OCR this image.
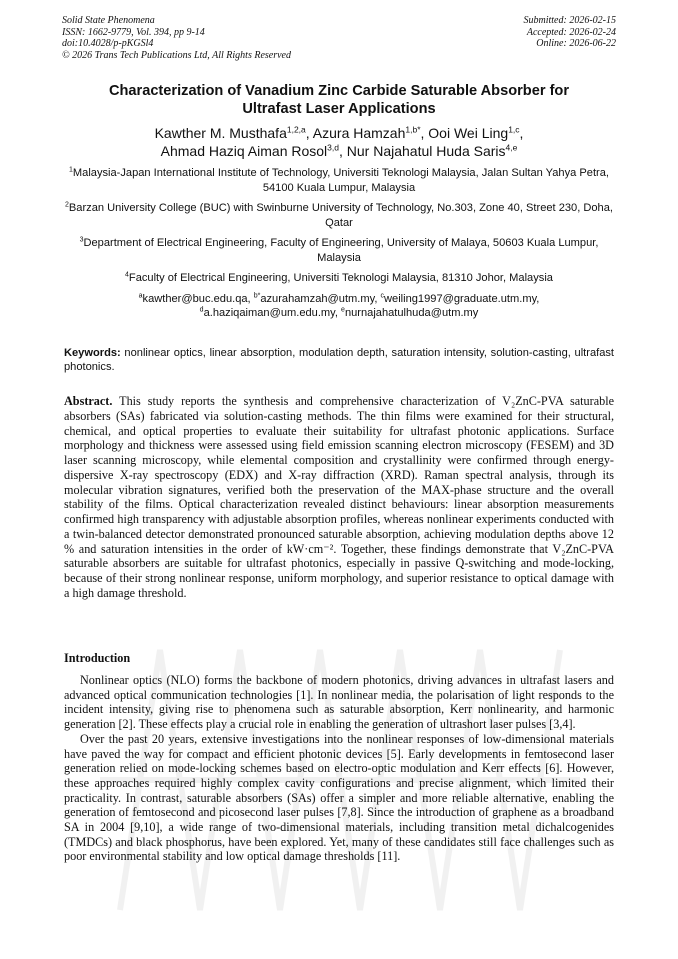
Solid State Phenomena
ISSN: 1662-9779, Vol. 394, pp 9-14
doi:10.4028/p-pKGSl4
© 2026 Trans Tech Publications Ltd, All Rights Reserved
Submitted: 2026-02-15
Accepted: 2026-02-24
Online: 2026-06-22
Characterization of Vanadium Zinc Carbide Saturable Absorber for
Ultrafast Laser Applications
Kawther M. Musthafa$^{1,2,a}$, Azura Hamzah$^{1,b*}$, Ooi Wei Ling$^{1,c}$,
Ahmad Haziq Aiman Rosol$^{3,d}$, Nur Najahatul Huda Saris$^{4,e}$
$^1$Malaysia-Japan International Institute of Technology, Universiti Teknologi Malaysia, Jalan Sultan Yahya Petra, 54100 Kuala Lumpur, Malaysia
$^2$Barzan University College (BUC) with Swinburne University of Technology, No.303, Zone 40, Street 230, Doha, Qatar
$^3$Department of Electrical Engineering, Faculty of Engineering, University of Malaya, 50603 Kuala Lumpur, Malaysia
$^4$Faculty of Electrical Engineering, Universiti Teknologi Malaysia, 81310 Johor, Malaysia
$^a$kawther@buc.edu.qa, $^{b*}$azurahamzah@utm.my, $^c$weiling1997@graduate.utm.my,
$^d$a.haziqaiman@um.edu.my, $^e$nurnajahatulhuda@utm.my
Keywords: nonlinear optics, linear absorption, modulation depth, saturation intensity, solution-casting, ultrafast photonics.
Abstract. This study reports the synthesis and comprehensive characterization of V₂ZnC-PVA saturable absorbers (SAs) fabricated via solution-casting methods. The thin films were examined for their structural, chemical, and optical properties to evaluate their suitability for ultrafast photonic applications. Surface morphology and thickness were assessed using field emission scanning electron microscopy (FESEM) and 3D laser scanning microscopy, while elemental composition and crystallinity were confirmed through energy-dispersive X-ray spectroscopy (EDX) and X-ray diffraction (XRD). Raman spectral analysis, through its molecular vibration signatures, verified both the preservation of the MAX-phase structure and the overall stability of the films. Optical characterization revealed distinct behaviours: linear absorption measurements confirmed high transparency with adjustable absorption profiles, whereas nonlinear experiments conducted with a twin-balanced detector demonstrated pronounced saturable absorption, achieving modulation depths above 12 % and saturation intensities in the order of kW·cm⁻². Together, these findings demonstrate that V₂ZnC-PVA saturable absorbers are suitable for ultrafast photonics, especially in passive Q-switching and mode-locking, because of their strong nonlinear response, uniform morphology, and superior resistance to optical damage with a high damage threshold.
Introduction

Nonlinear optics (NLO) forms the backbone of modern photonics, driving advances in ultrafast lasers and advanced optical communication technologies [1]. In nonlinear media, the polarisation of light responds to the incident intensity, giving rise to phenomena such as saturable absorption, Kerr nonlinearity, and harmonic generation [2]. These effects play a crucial role in enabling the generation of ultrashort laser pulses [3,4].

Over the past 20 years, extensive investigations into the nonlinear responses of low-dimensional materials have paved the way for compact and efficient photonic devices [5]. Early developments in femtosecond laser generation relied on mode-locking schemes based on electro-optic modulation and Kerr effects [6]. However, these approaches required highly complex cavity configurations and precise alignment, which limited their practicality. In contrast, saturable absorbers (SAs) offer a simpler and more reliable alternative, enabling the generation of femtosecond and picosecond laser pulses [7,8]. Since the introduction of graphene as a broadband SA in 2004 [9,10], a wide range of two-dimensional materials, including transition metal dichalcogenides (TMDCs) and black phosphorus, have been explored. Yet, many of these candidates still face challenges such as poor environmental stability and low optical damage thresholds [11].
